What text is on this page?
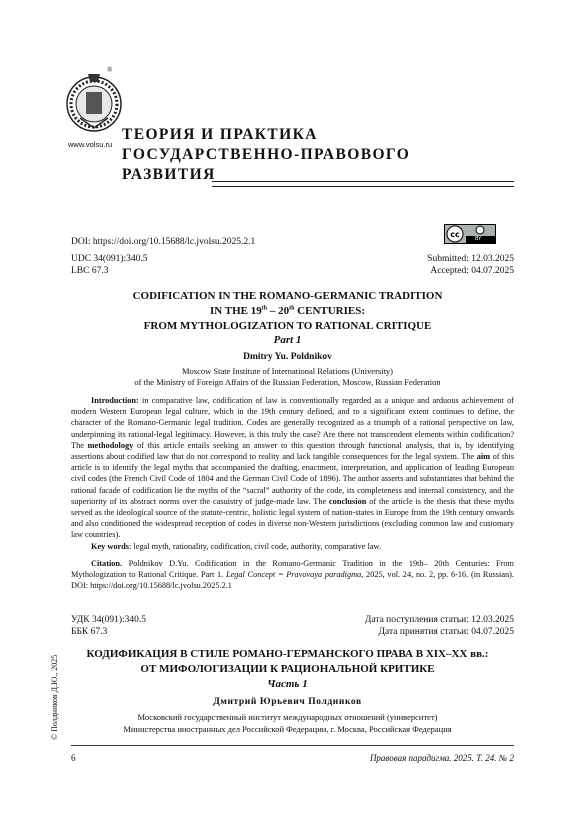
®
www.volsu.ru
ТЕОРИЯ И ПРАКТИКА
ГОСУДАРСТВЕННО-ПРАВОВОГО
РАЗВИТИЯ
cc	BY
DOI: https://doi.org/10.15688/lc.jvolsu.2025.2.1
UDC 34(091):340.5
LBC 67.3
Submitted: 12.03.2025
Accepted: 04.07.2025
CODIFICATION IN THE ROMANO-GERMANIC TRADITION
IN THE 19th – 20th CENTURIES:
FROM MYTHOLOGIZATION TO RATIONAL CRITIQUE
Part 1
Dmitry Yu. Poldnikov
Moscow State Institute of International Relations (University)
of the Ministry of Foreign Affairs of the Russian Federation, Moscow, Russian Federation

Introduction: in comparative law, codification of law is conventionally regarded as a unique and arduous achievement of modern Western European legal culture, which in the 19th century defined, and to a significant extent continues to define, the character of the Romano-Germanic legal tradition. Codes are generally recognized as a triumph of a rational perspective on law, underpinning its rational-legal legitimacy. However, is this truly the case? Are there not transcendent elements within codification? The methodology of this article entails seeking an answer to this question through functional analysis, that is, by identifying assertions about codified law that do not correspond to reality and lack tangible consequences for the legal system. The aim of this article is to identify the legal myths that accompanied the drafting, enactment, interpretation, and application of leading European civil codes (the French Civil Code of 1804 and the German Civil Code of 1896). The author asserts and substantiates that behind the rational facade of codification lie the myths of the “sacral” authority of the code, its completeness and internal consistency, and the superiority of its abstract norms over the casuistry of judge-made law. The conclusion of the article is the thesis that these myths served as the ideological source of the statute-centric, holistic legal system of nation-states in Europe from the 19th century onwards and also conditioned the widespread reception of codes in diverse non-Western jurisdictions (excluding common law and customary law countries).

Key words: legal myth, rationality, codification, civil code, authority, comparative law.

Citation. Poldnikov D.Yu. Codification in the Romano-Germanic Tradition in the 19th– 20th Centuries: From Mythologization to Rational Critique. Part 1. Legal Concept = Pravovaya paradigma, 2025, vol. 24, no. 2, pp. 6-16. (in Russian). DOI: https://doi.org/10.15688/lc.jvolsu.2025.2.1

УДК 34(091):340.5
ББК 67.3
Дата поступления статьи: 12.03.2025
Дата принятия статьи: 04.07.2025
КОДИФИКАЦИЯ В СТИЛЕ РОМАНО-ГЕРМАНСКОГО ПРАВА В XIX–XX вв.:
ОТ МИФОЛОГИЗАЦИИ К РАЦИОНАЛЬНОЙ КРИТИКЕ
Часть 1
Дмитрий Юрьевич Полдников
Московский государственный институт международных отношений (университет)
Министерства иностранных дел Российской Федерации, г. Москва, Российская Федерация
© Полдников Д.Ю., 2025
6	Правовая парадигма. 2025. Т. 24. № 2
